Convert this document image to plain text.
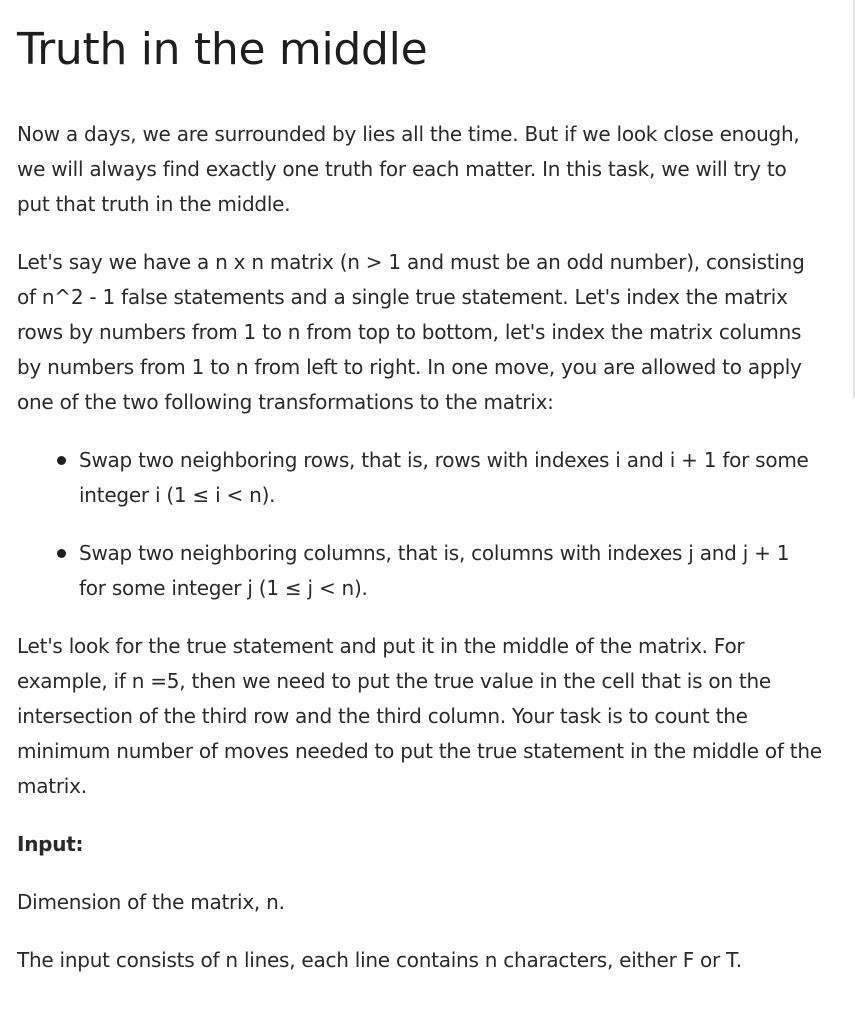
Truth in the middle

Now a days, we are surrounded by lies all the time. But if we look close enough, we will always find exactly one truth for each matter. In this task, we will try to put that truth in the middle.

Let's say we have a n x n matrix (n > 1 and must be an odd number), consisting of n^2 - 1 false statements and a single true statement. Let's index the matrix rows by numbers from 1 to n from top to bottom, let's index the matrix columns by numbers from 1 to n from left to right. In one move, you are allowed to apply one of the two following transformations to the matrix:

Swap two neighboring rows, that is, rows with indexes i and i + 1 for some integer i (1 ≤ i < n).
Swap two neighboring columns, that is, columns with indexes j and j + 1 for some integer j (1 ≤ j < n).

Let's look for the true statement and put it in the middle of the matrix. For example, if n =5, then we need to put the true value in the cell that is on the intersection of the third row and the third column. Your task is to count the minimum number of moves needed to put the true statement in the middle of the matrix.

Input:

Dimension of the matrix, n.

The input consists of n lines, each line contains n characters, either F or T.
